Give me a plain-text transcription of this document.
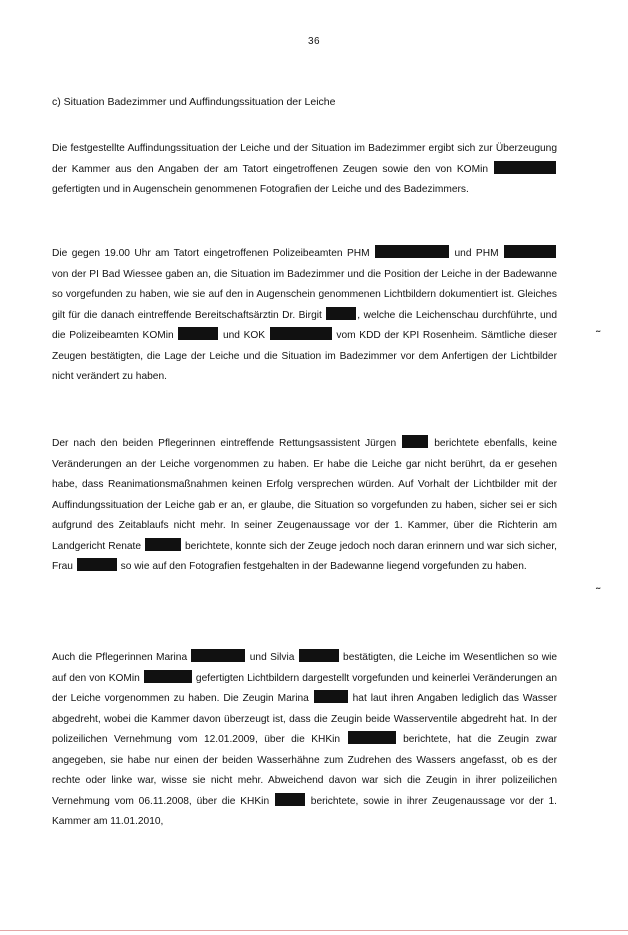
36
c) Situation Badezimmer und Auffindungssituation der Leiche

Die festgestellte Auffindungssituation der Leiche und der Situation im Badezimmer ergibt sich zur Überzeugung der Kammer aus den Angaben der am Tatort eingetroffenen Zeugen sowie den von KOMin  gefertigten und in Augenschein genommenen Fotografien der Leiche und des Badezimmers.

Die gegen 19.00 Uhr am Tatort eingetroffenen Polizeibeamten PHM	und PHM  von der PI Bad Wiessee gaben an, die Situation im Badezimmer und die Position der Leiche in der Badewanne so vorgefunden zu haben, wie sie auf den in Augenschein genommenen Lichtbildern dokumentiert ist. Gleiches gilt für die danach eintreffende Bereitschaftsärztin Dr. Birgit	, welche die Leichenschau durchführte, und die Polizeibeamten KOMin	und KOK	vom KDD der KPI Rosenheim. Sämtliche dieser Zeugen bestätigten, die Lage der Leiche und die Situation im Badezimmer vor dem Anfertigen der Lichtbilder nicht verändert zu haben.

Der nach den beiden Pflegerinnen eintreffende Rettungsassistent Jürgen	berichtete ebenfalls, keine Veränderungen an der Leiche vorgenommen zu haben. Er habe die Leiche gar nicht berührt, da er gesehen habe, dass Reanimationsmaßnahmen keinen Erfolg versprechen würden. Auf Vorhalt der Lichtbilder mit der Auffindungssituation der Leiche gab er an, er glaube, die Situation so vorgefunden zu haben, sicher sei er sich aufgrund des Zeitablaufs nicht mehr. In seiner Zeugenaussage vor der 1. Kammer, über die Richterin am Landgericht Renate	berichtete, konnte sich der Zeuge jedoch noch daran erinnern und war sich sicher, Frau	so wie auf den Fotografien festgehalten in der Badewanne liegend vorgefunden zu haben.

Auch die Pflegerinnen Marina	und Silvia	bestätigten, die Leiche im Wesentlichen so wie auf den von KOMin	gefertigten Lichtbildern dargestellt vorgefunden und keinerlei Veränderungen an der Leiche vorgenommen zu haben. Die Zeugin Marina	hat laut ihren Angaben lediglich das Wasser abgedreht, wobei die Kammer davon überzeugt ist, dass die Zeugin beide Wasserventile abgedreht hat. In der polizeilichen Vernehmung vom 12.01.2009, über die KHKin	berichtete, hat die Zeugin zwar angegeben, sie habe nur einen der beiden Wasserhähne zum Zudrehen des Wassers angefasst, ob es der rechte oder linke war, wisse sie nicht mehr. Abweichend davon war sich die Zeugin in ihrer polizeilichen Vernehmung vom 06.11.2008, über die KHKin	berichtete, sowie in ihrer Zeugenaussage vor der 1. Kammer am 11.01.2010,

˜
˜
